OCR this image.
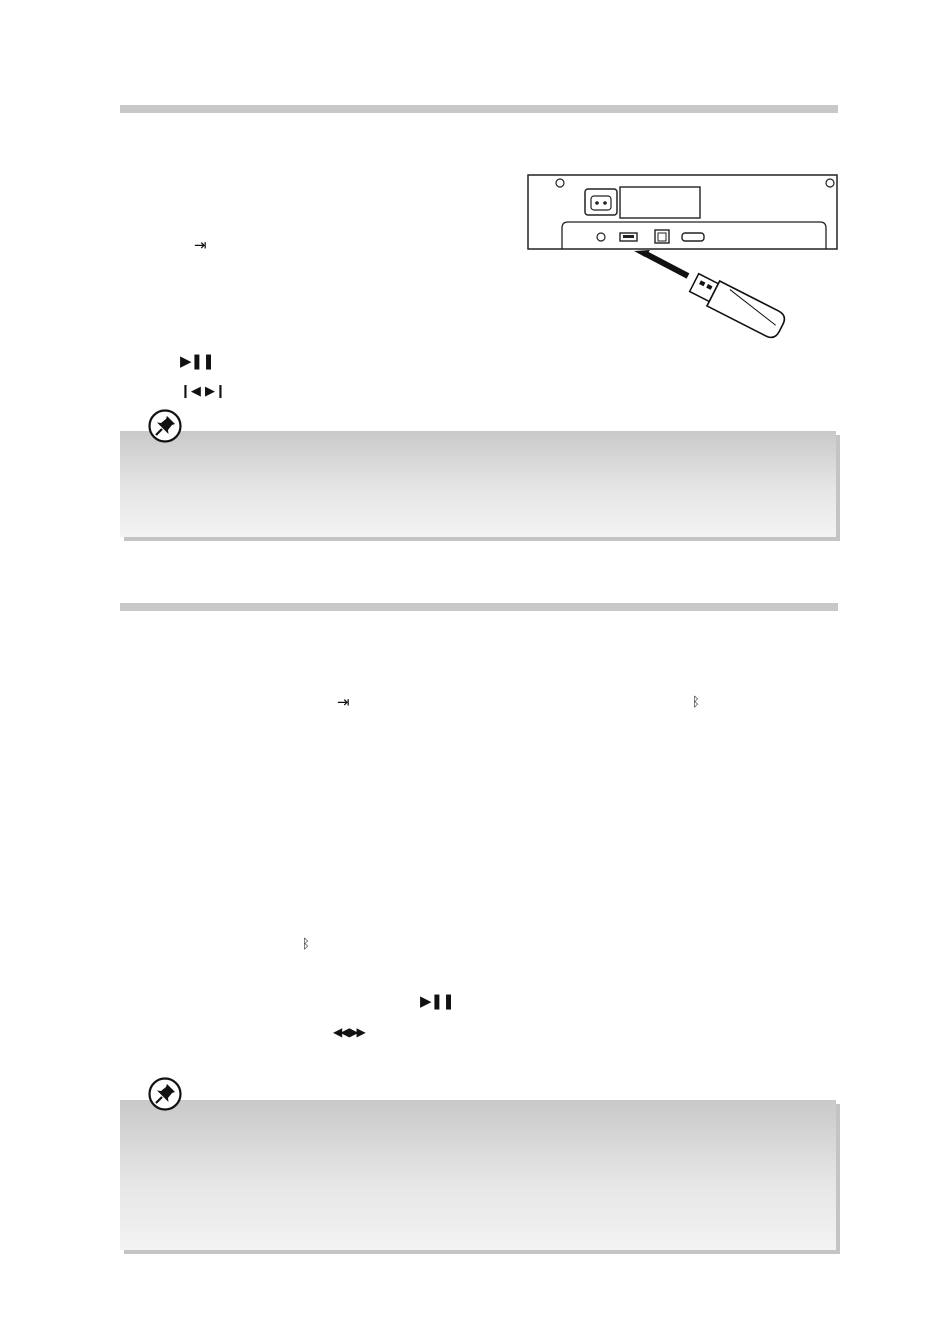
⇥
▶❚❚
❙◀ ▶❙
⇥	ᛒ
ᛒ
▶❚❚
◀◀ ▶▶
